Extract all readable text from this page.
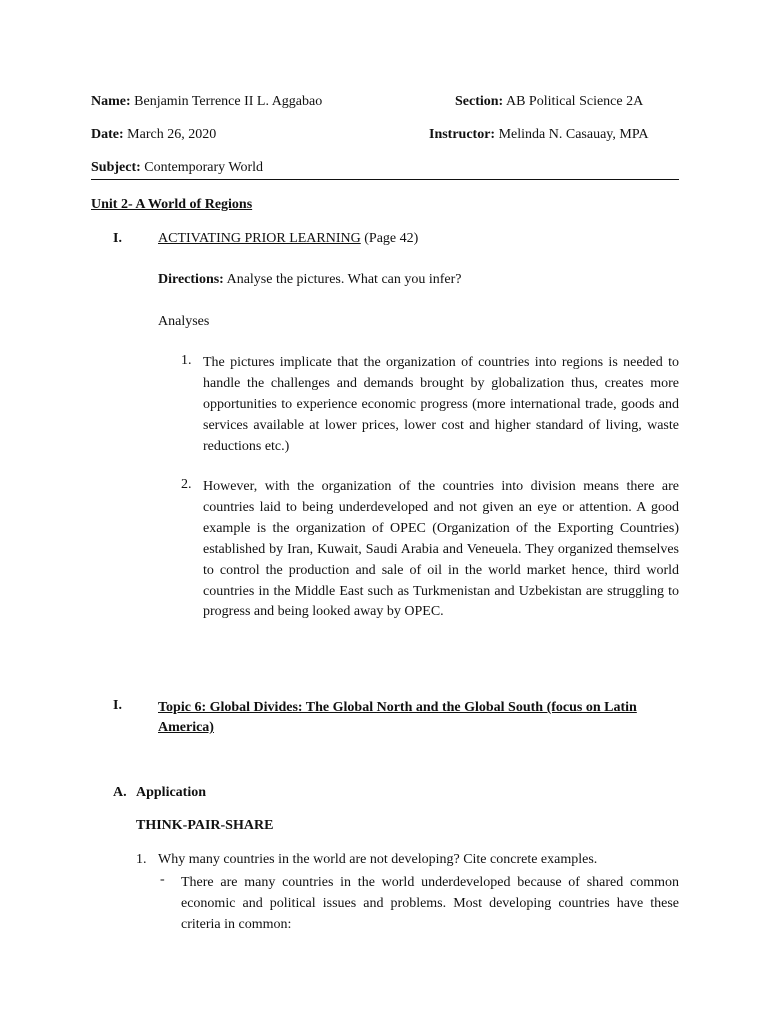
Name: Benjamin Terrence II L. Aggabao	Section: AB Political Science 2A
Date: March 26, 2020	Instructor: Melinda N. Casauay, MPA
Subject: Contemporary World
Unit 2- A World of Regions
I.	ACTIVATING PRIOR LEARNING (Page 42)
Directions: Analyse the pictures. What can you infer?
Analyses
1. The pictures implicate that the organization of countries into regions is needed to handle the challenges and demands brought by globalization thus, creates more opportunities to experience economic progress (more international trade, goods and services available at lower prices, lower cost and higher standard of living, waste reductions etc.)
2. However, with the organization of the countries into division means there are countries laid to being underdeveloped and not given an eye or attention. A good example is the organization of OPEC (Organization of the Exporting Countries) established by Iran, Kuwait, Saudi Arabia and Veneuela. They organized themselves to control the production and sale of oil in the world market hence, third world countries in the Middle East such as Turkmenistan and Uzbekistan are struggling to progress and being looked away by OPEC.
I.	Topic 6: Global Divides: The Global North and the Global South (focus on Latin America)
A. Application
THINK-PAIR-SHARE
1. Why many countries in the world are not developing? Cite concrete examples.
- There are many countries in the world underdeveloped because of shared common economic and political issues and problems. Most developing countries have these criteria in common:
